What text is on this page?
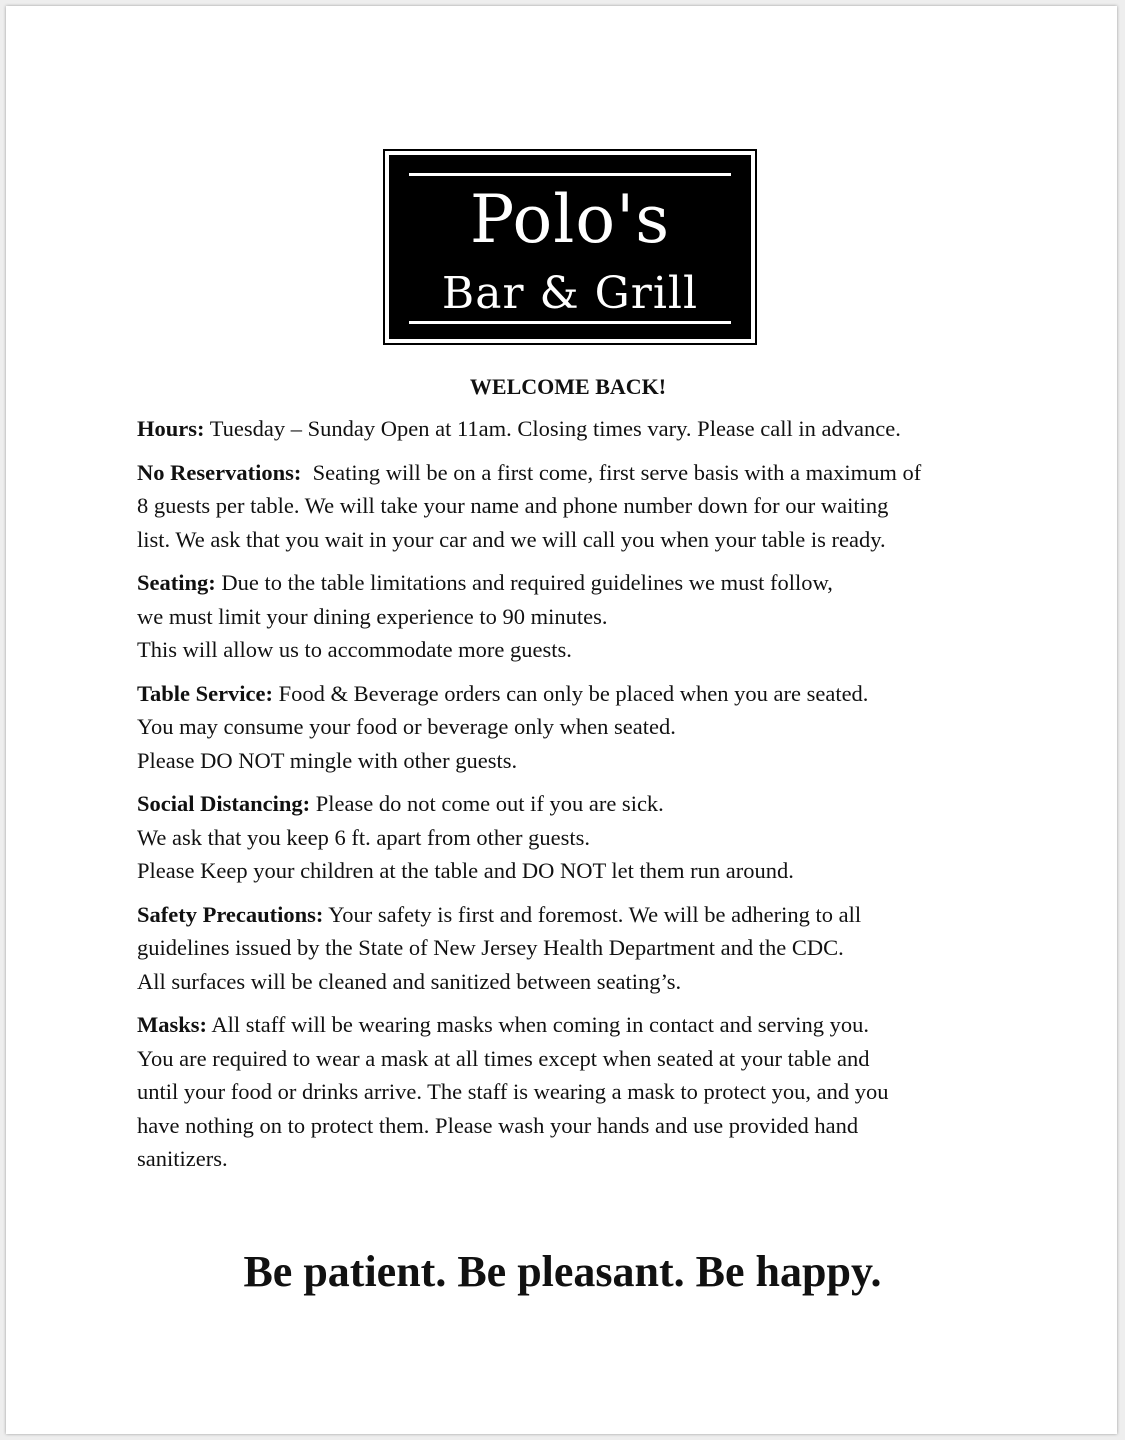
Polo's
Bar & Grill
WELCOME BACK!
Hours: Tuesday – Sunday Open at 11am. Closing times vary. Please call in advance.
No Reservations: Seating will be on a first come, first serve basis with a maximum of
8 guests per table. We will take your name and phone number down for our waiting
list. We ask that you wait in your car and we will call you when your table is ready.
Seating: Due to the table limitations and required guidelines we must follow,
we must limit your dining experience to 90 minutes.
This will allow us to accommodate more guests.
Table Service: Food & Beverage orders can only be placed when you are seated.
You may consume your food or beverage only when seated.
Please DO NOT mingle with other guests.
Social Distancing: Please do not come out if you are sick.
We ask that you keep 6 ft. apart from other guests.
Please Keep your children at the table and DO NOT let them run around.
Safety Precautions: Your safety is first and foremost. We will be adhering to all
guidelines issued by the State of New Jersey Health Department and the CDC.
All surfaces will be cleaned and sanitized between seating’s.
Masks: All staff will be wearing masks when coming in contact and serving you.
You are required to wear a mask at all times except when seated at your table and
until your food or drinks arrive. The staff is wearing a mask to protect you, and you
have nothing on to protect them. Please wash your hands and use provided hand
sanitizers.
Be patient. Be pleasant. Be happy.
